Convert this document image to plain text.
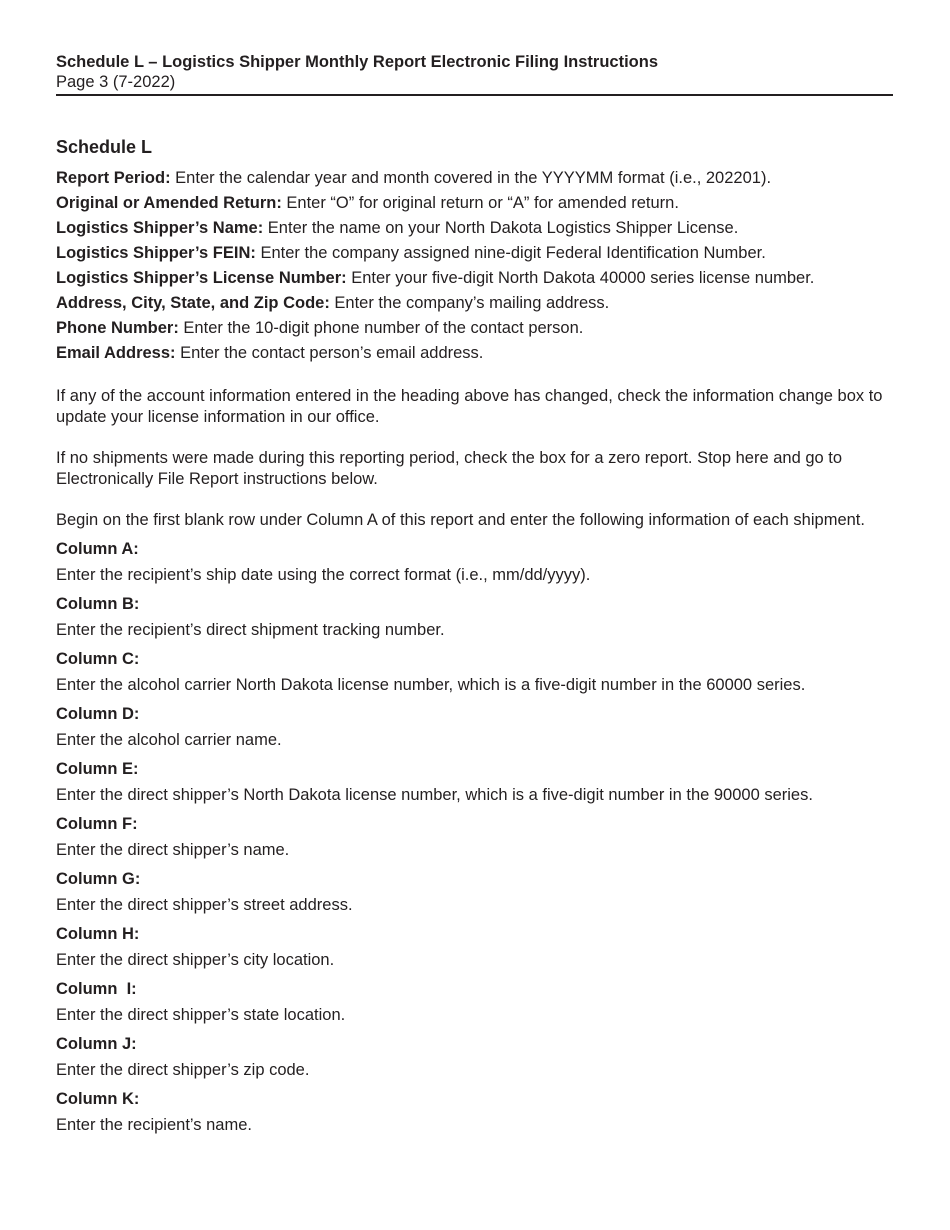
Schedule L – Logistics Shipper Monthly Report Electronic Filing Instructions
Page 3 (7-2022)
Schedule L
Report Period: Enter the calendar year and month covered in the YYYYMM format (i.e., 202201).
Original or Amended Return: Enter “O” for original return or “A” for amended return.
Logistics Shipper’s Name: Enter the name on your North Dakota Logistics Shipper License.
Logistics Shipper’s FEIN: Enter the company assigned nine-digit Federal Identification Number.
Logistics Shipper’s License Number: Enter your five-digit North Dakota 40000 series license number.
Address, City, State, and Zip Code: Enter the company’s mailing address.
Phone Number: Enter the 10-digit phone number of the contact person.
Email Address: Enter the contact person’s email address.
If any of the account information entered in the heading above has changed, check the information change box to update your license information in our office.
If no shipments were made during this reporting period, check the box for a zero report. Stop here and go to Electronically File Report instructions below.
Begin on the first blank row under Column A of this report and enter the following information of each shipment.
Column A:
Enter the recipient’s ship date using the correct format (i.e., mm/dd/yyyy).
Column B:
Enter the recipient’s direct shipment tracking number.
Column C:
Enter the alcohol carrier North Dakota license number, which is a five-digit number in the 60000 series.
Column D:
Enter the alcohol carrier name.
Column E:
Enter the direct shipper’s North Dakota license number, which is a five-digit number in the 90000 series.
Column F:
Enter the direct shipper’s name.
Column G:
Enter the direct shipper’s street address.
Column H:
Enter the direct shipper’s city location.
Column  I:
Enter the direct shipper’s state location.
Column J:
Enter the direct shipper’s zip code.
Column K:
Enter the recipient’s name.
